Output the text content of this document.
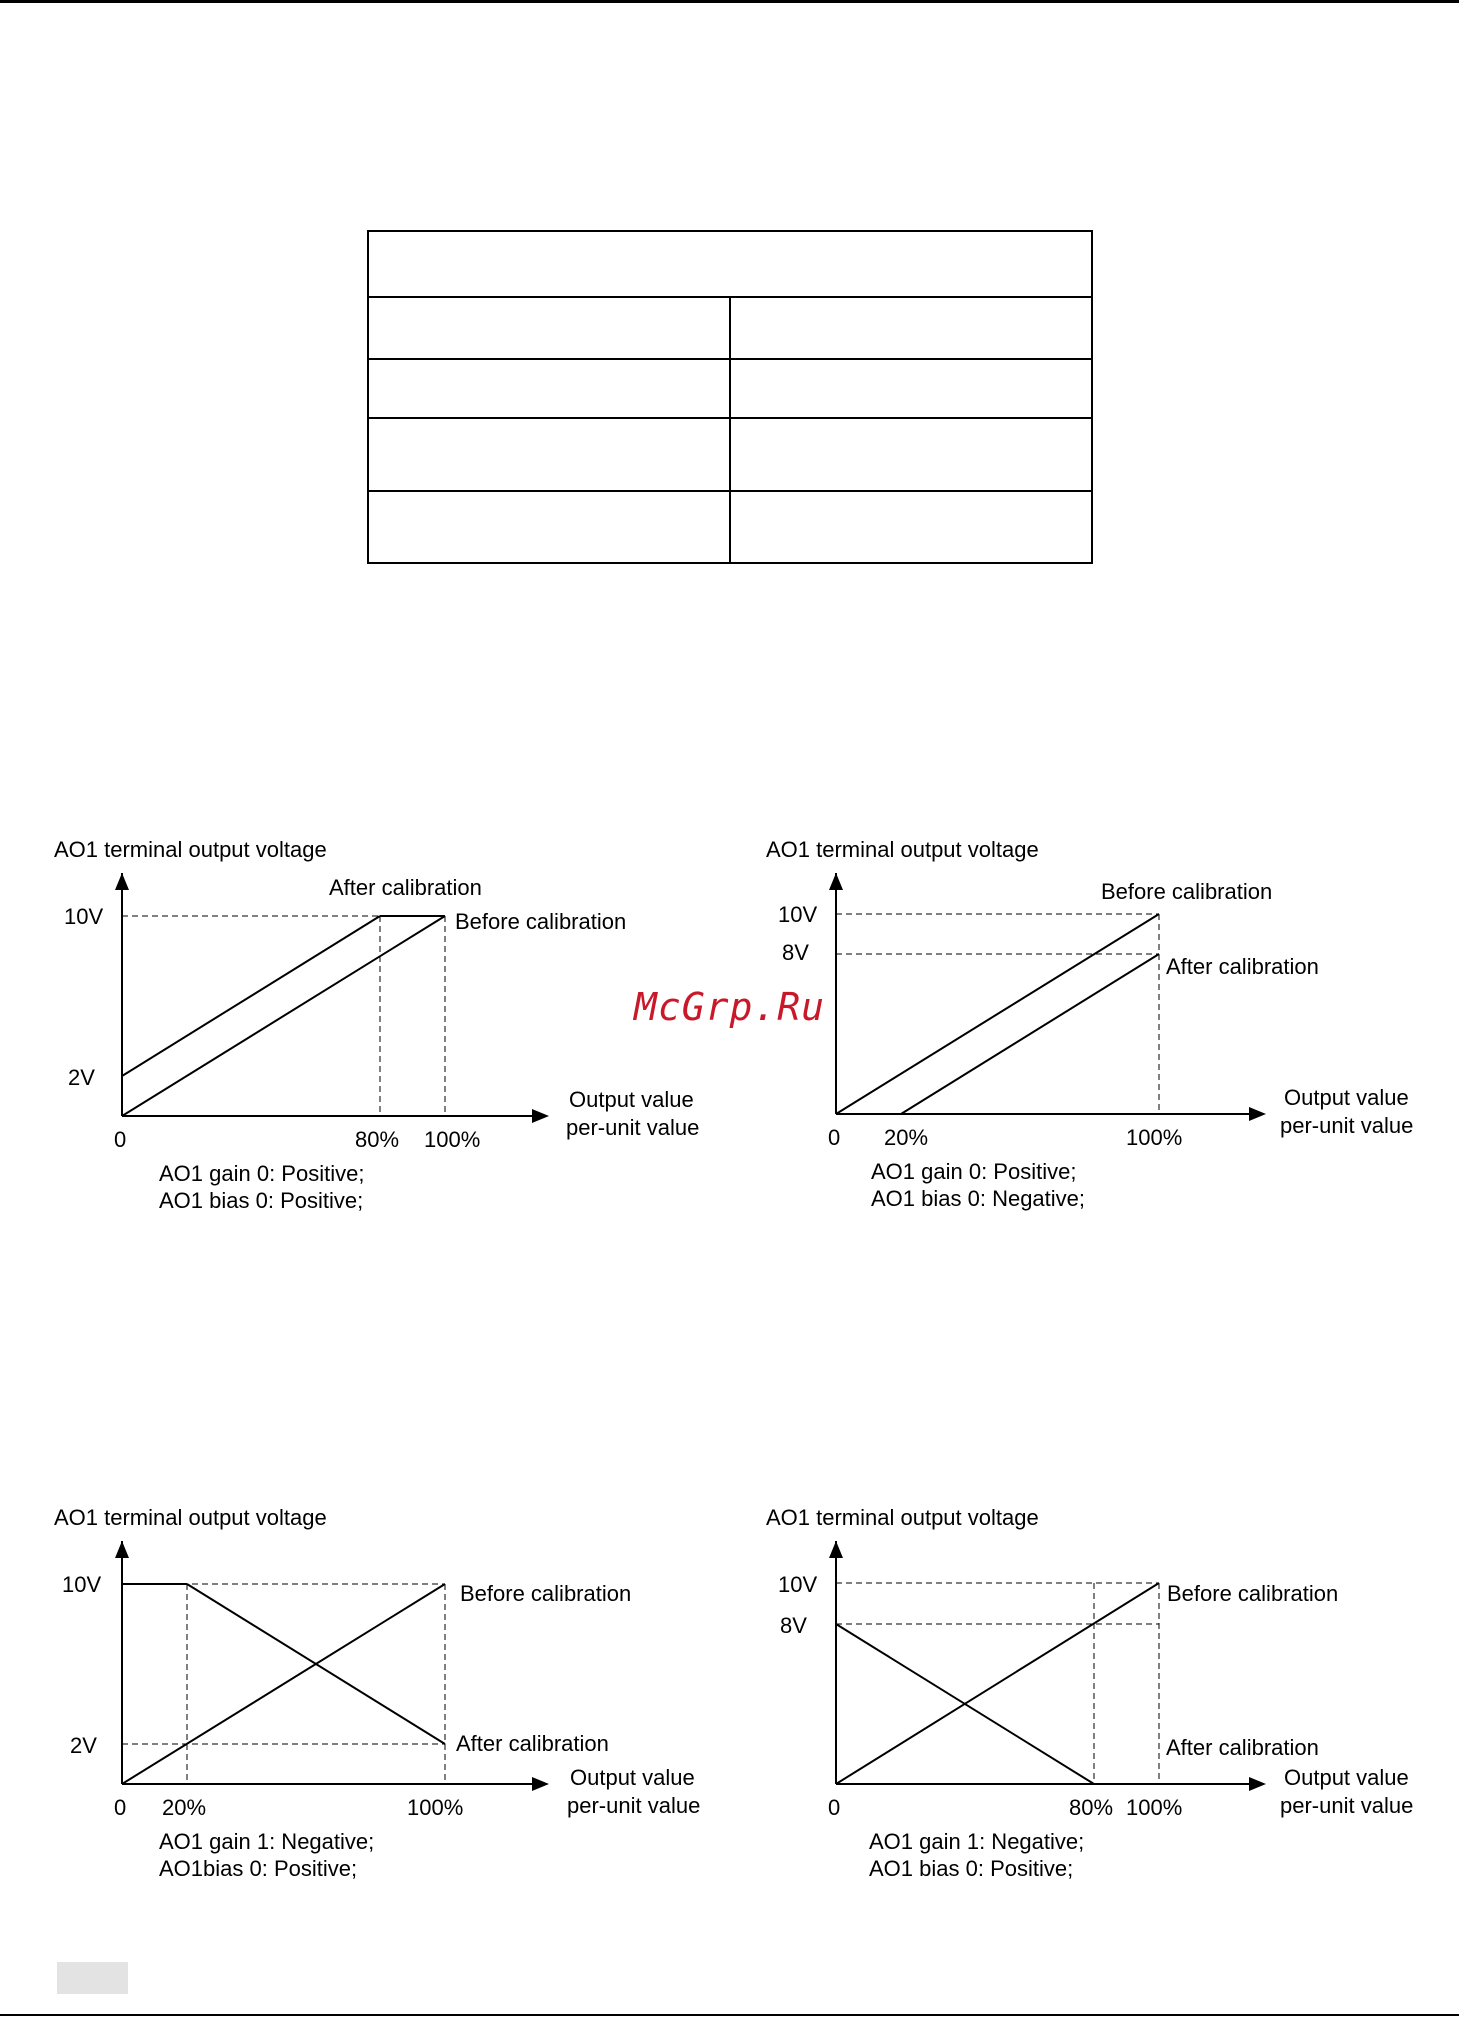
McGrp.Ru
AO1 terminal output voltage
After calibration
Before calibration
10V
2V
0	80% 100%
Output value
per-unit value
AO1 gain 0: Positive;
AO1 bias 0: Positive;
AO1 terminal output voltage
Before calibration
After calibration
10V
8V
0 20%	100%
Output value
per-unit value
AO1 gain 0: Positive;
AO1 bias 0: Negative;
AO1 terminal output voltage
Before calibration
After calibration
10V
2V
0 20%	100%
Output value
per-unit value
AO1 gain 1: Negative;
AO1bias 0: Positive;
AO1 terminal output voltage
Before calibration
After calibration
10V
8V
0	80% 100%
Output value
per-unit value
AO1 gain 1: Negative;
AO1 bias 0: Positive;
